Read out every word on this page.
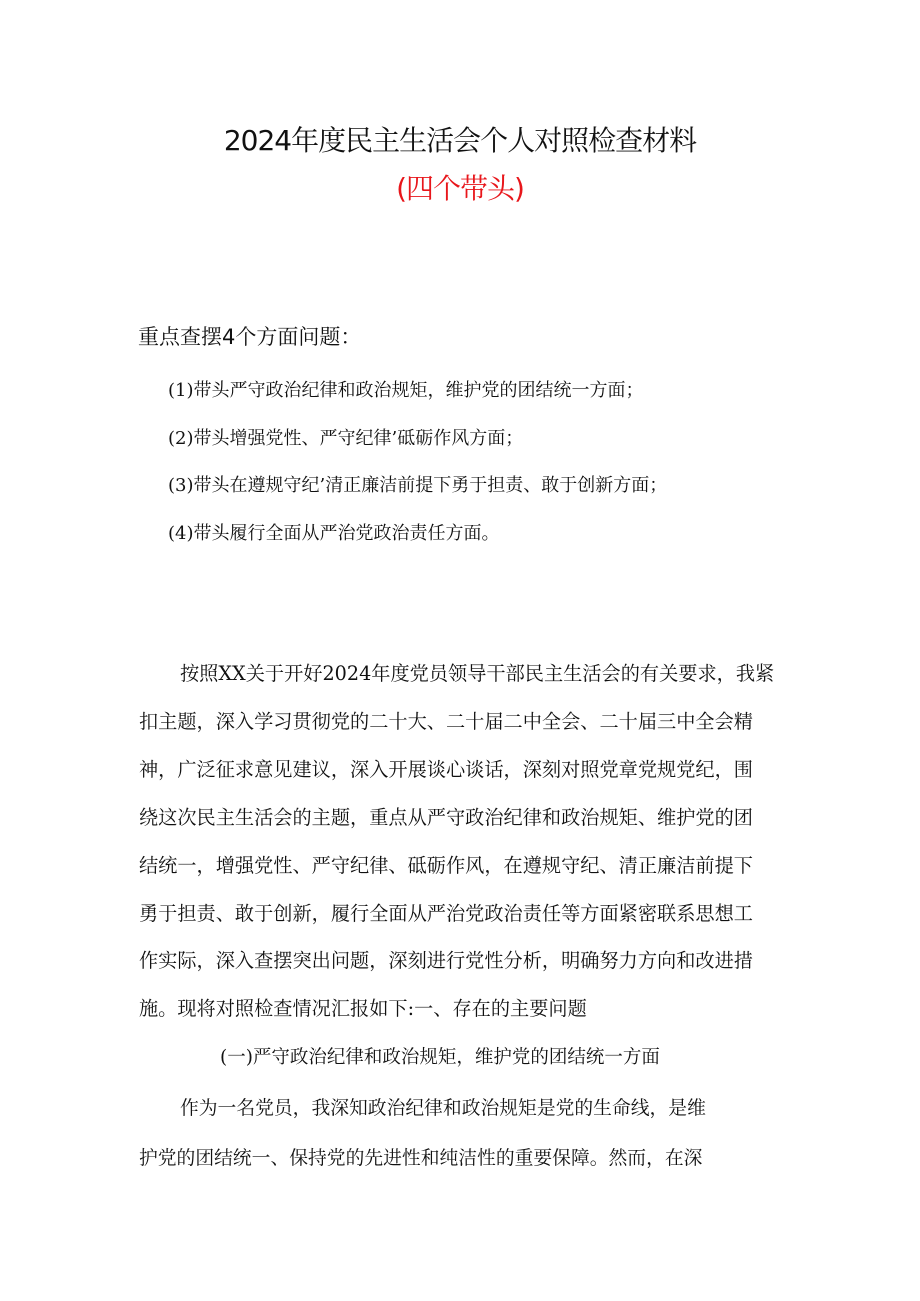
2024年度民主生活会个人对照检查材料
(四个带头)
重点查摆4个方面问题：
(1)带头严守政治纪律和政治规矩，维护党的团结统一方面；
(2)带头增强党性、严守纪律’砥砺作风方面；
(3)带头在遵规守纪’清正廉洁前提下勇于担责、敢于创新方面；
(4)带头履行全面从严治党政治责任方面。
按照XX关于开好2024年度党员领导干部民主生活会的有关要求，我紧
扣主题，深入学习贯彻党的二十大、二十届二中全会、二十届三中全会精
神，广泛征求意见建议，深入开展谈心谈话，深刻对照党章党规党纪，围
绕这次民主生活会的主题，重点从严守政治纪律和政治规矩、维护党的团
结统一，增强党性、严守纪律、砥砺作风，在遵规守纪、清正廉洁前提下
勇于担责、敢于创新，履行全面从严治党政治责任等方面紧密联系思想工
作实际，深入查摆突出问题，深刻进行党性分析，明确努力方向和改进措
施。现将对照检查情况汇报如下:一、存在的主要问题
(一)严守政治纪律和政治规矩，维护党的团结统一方面
作为一名党员，我深知政治纪律和政治规矩是党的生命线，是维
护党的团结统一、保持党的先进性和纯洁性的重要保障。然而，在深
